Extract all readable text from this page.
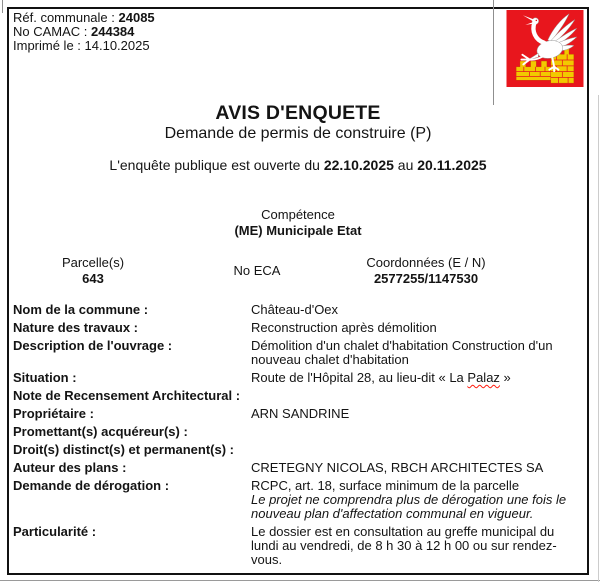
Réf. communale : 24085
No CAMAC : 244384
Imprimé le : 14.10.2025
AVIS D'ENQUETE
Demande de permis de construire (P)
L'enquête publique est ouverte du 22.10.2025 au 20.11.2025
Compétence
(ME) Municipale Etat
Parcelle(s)
643
No ECA
Coordonnées (E / N)
2577255/1147530
Nom de la commune :	Château-d'Oex
Nature des travaux :	Reconstruction après démolition
Description de l'ouvrage :	Démolition d'un chalet d'habitation Construction d'un nouveau chalet d'habitation
Situation :	Route de l'Hôpital 28, au lieu-dit « La Palaz »
Note de Recensement Architectural :
Propriétaire :	ARN SANDRINE
Promettant(s) acquéreur(s) :
Droit(s) distinct(s) et permanent(s) :
Auteur des plans :	CRETEGNY NICOLAS, RBCH ARCHITECTES SA
Demande de dérogation :	RCPC, art. 18, surface minimum de la parcelle
Le projet ne comprendra plus de dérogation une fois le nouveau plan d'affectation communal en vigueur.
Particularité :	Le dossier est en consultation au greffe municipal du lundi au vendredi, de 8 h 30 à 12 h 00 ou sur rendez-vous.
